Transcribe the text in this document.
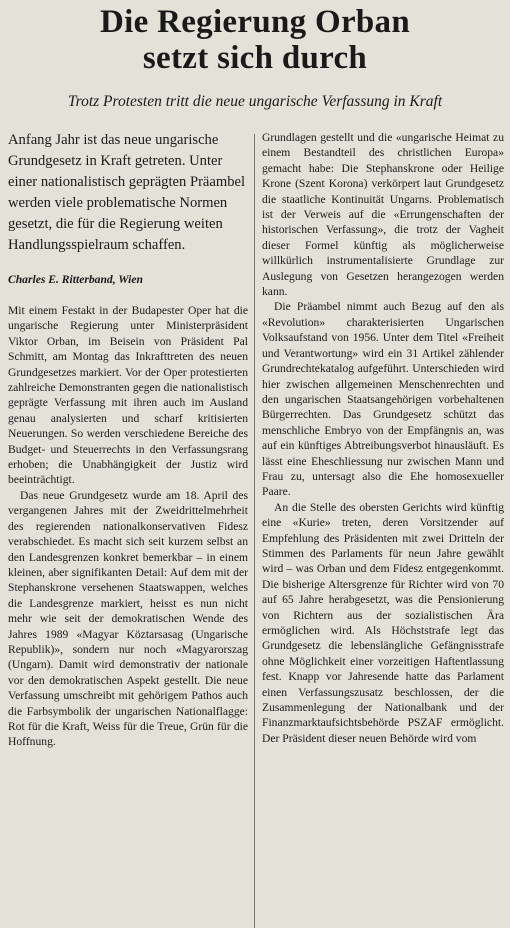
Die Regierung Orban
setzt sich durch
Trotz Protesten tritt die neue ungarische Verfassung in Kraft

Anfang Jahr ist das neue ungarische Grundgesetz in Kraft getreten. Unter einer nationalistisch geprägten Präambel werden viele problematische Normen gesetzt, die für die Regierung weiten Handlungsspielraum schaffen.

Charles E. Ritterband, Wien

Mit einem Festakt in der Budapester Oper hat die ungarische Regierung unter Ministerpräsident Viktor Orban, im Beisein von Präsident Pal Schmitt, am Montag das Inkrafttreten des neuen Grundgesetzes markiert. Vor der Oper protestierten zahlreiche Demonstranten gegen die nationalistisch geprägte Verfassung mit ihren auch im Ausland genau analysierten und scharf kritisierten Neuerungen. So werden verschiedene Bereiche des Budget- und Steuerrechts in den Verfassungsrang erhoben; die Unabhängigkeit der Justiz wird beeinträchtigt.

Das neue Grundgesetz wurde am 18. April des vergangenen Jahres mit der Zweidrittelmehrheit des regierenden nationalkonservativen Fidesz verabschiedet. Es macht sich seit kurzem selbst an den Landesgrenzen konkret bemerkbar – in einem kleinen, aber signifikanten Detail: Auf dem mit der Stephanskrone versehenen Staatswappen, welches die Landesgrenze markiert, heisst es nun nicht mehr wie seit der demokratischen Wende des Jahres 1989 «Magyar Köztarsasag (Ungarische Republik)», sondern nur noch «Magyarorszag (Ungarn). Damit wird demonstrativ der nationale vor den demokratischen Aspekt gestellt. Die neue Verfassung umschreibt mit gehörigem Pathos auch die Farbsymbolik der ungarischen Nationalflagge: Rot für die Kraft, Weiss für die Treue, Grün für die Hoffnung.

Grundlagen gestellt und die «ungarische Heimat zu einem Bestandteil des christlichen Europa» gemacht habe: Die Stephanskrone oder Heilige Krone (Szent Korona) verkörpert laut Grundgesetz die staatliche Kontinuität Ungarns. Problematisch ist der Verweis auf die «Errungenschaften der historischen Verfassung», die trotz der Vagheit dieser Formel künftig als möglicherweise willkürlich instrumentalisierte Grundlage zur Auslegung von Gesetzen herangezogen werden kann.

Die Präambel nimmt auch Bezug auf den als «Revolution» charakterisierten Ungarischen Volksaufstand von 1956. Unter dem Titel «Freiheit und Verantwortung» wird ein 31 Artikel zählender Grundrechtekatalog aufgeführt. Unterschieden wird hier zwischen allgemeinen Menschenrechten und den ungarischen Staatsangehörigen vorbehaltenen Bürgerrechten. Das Grundgesetz schützt das menschliche Embryo von der Empfängnis an, was auf ein künftiges Abtreibungsverbot hinausläuft. Es lässt eine Eheschliessung nur zwischen Mann und Frau zu, untersagt also die Ehe homosexueller Paare.

An die Stelle des obersten Gerichts wird künftig eine «Kurie» treten, deren Vorsitzender auf Empfehlung des Präsidenten mit zwei Dritteln der Stimmen des Parlaments für neun Jahre gewählt wird – was Orban und dem Fidesz entgegenkommt. Die bisherige Altersgrenze für Richter wird von 70 auf 65 Jahre herabgesetzt, was die Pensionierung von Richtern aus der sozialistischen Ära ermöglichen wird. Als Höchststrafe legt das Grundgesetz die lebenslängliche Gefängnisstrafe ohne Möglichkeit einer vorzeitigen Haftentlassung fest. Knapp vor Jahresende hatte das Parlament einen Verfassungszusatz beschlossen, der die Zusammenlegung der Nationalbank und der Finanzmarktaufsichtsbehörde PSZAF ermöglicht. Der Präsident dieser neuen Behörde wird vom
